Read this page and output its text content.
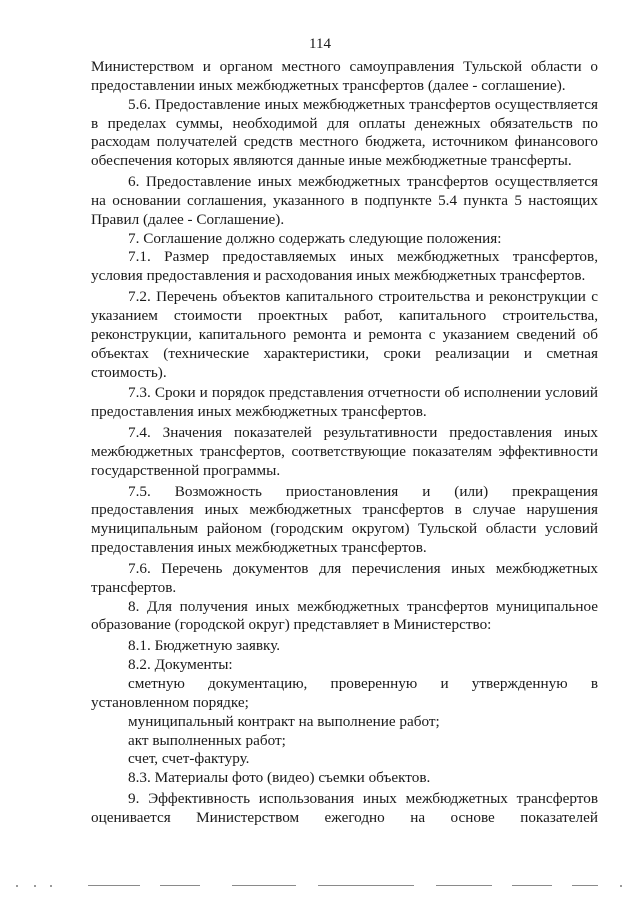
114
Министерством и органом местного самоуправления Тульской области о
предоставлении иных межбюджетных трансфертов (далее - соглашение).
5.6. Предоставление иных межбюджетных трансфертов осуществляется
в пределах суммы, необходимой для оплаты денежных обязательств по
расходам получателей средств местного бюджета, источником финансового
обеспечения которых являются данные иные межбюджетные трансферты.
6. Предоставление иных межбюджетных трансфертов осуществляется
на основании соглашения, указанного в подпункте 5.4 пункта 5 настоящих
Правил (далее - Соглашение).
7. Соглашение должно содержать следующие положения:
7.1. Размер предоставляемых иных межбюджетных трансфертов,
условия предоставления и расходования иных межбюджетных трансфертов.
7.2. Перечень объектов капитального строительства и реконструкции с
указанием стоимости проектных работ, капитального строительства,
реконструкции, капитального ремонта и ремонта с указанием сведений об
объектах (технические характеристики, сроки реализации и сметная
стоимость).
7.3. Сроки и порядок представления отчетности об исполнении условий
предоставления иных межбюджетных трансфертов.
7.4. Значения показателей результативности предоставления иных
межбюджетных трансфертов, соответствующие показателям эффективности
государственной программы.
7.5. Возможность приостановления и (или) прекращения
предоставления иных межбюджетных трансфертов в случае нарушения
муниципальным районом (городским округом) Тульской области условий
предоставления иных межбюджетных трансфертов.
7.6. Перечень документов для перечисления иных межбюджетных
трансфертов.
8. Для получения иных межбюджетных трансфертов муниципальное
образование (городской округ) представляет в Министерство:
8.1. Бюджетную заявку.
8.2. Документы:
сметную документацию, проверенную и утвержденную в
установленном порядке;
муниципальный контракт на выполнение работ;
акт выполненных работ;
счет, счет-фактуру.
8.3. Материалы фото (видео) съемки объектов.
9. Эффективность использования иных межбюджетных трансфертов
оценивается Министерством ежегодно на основе показателей
